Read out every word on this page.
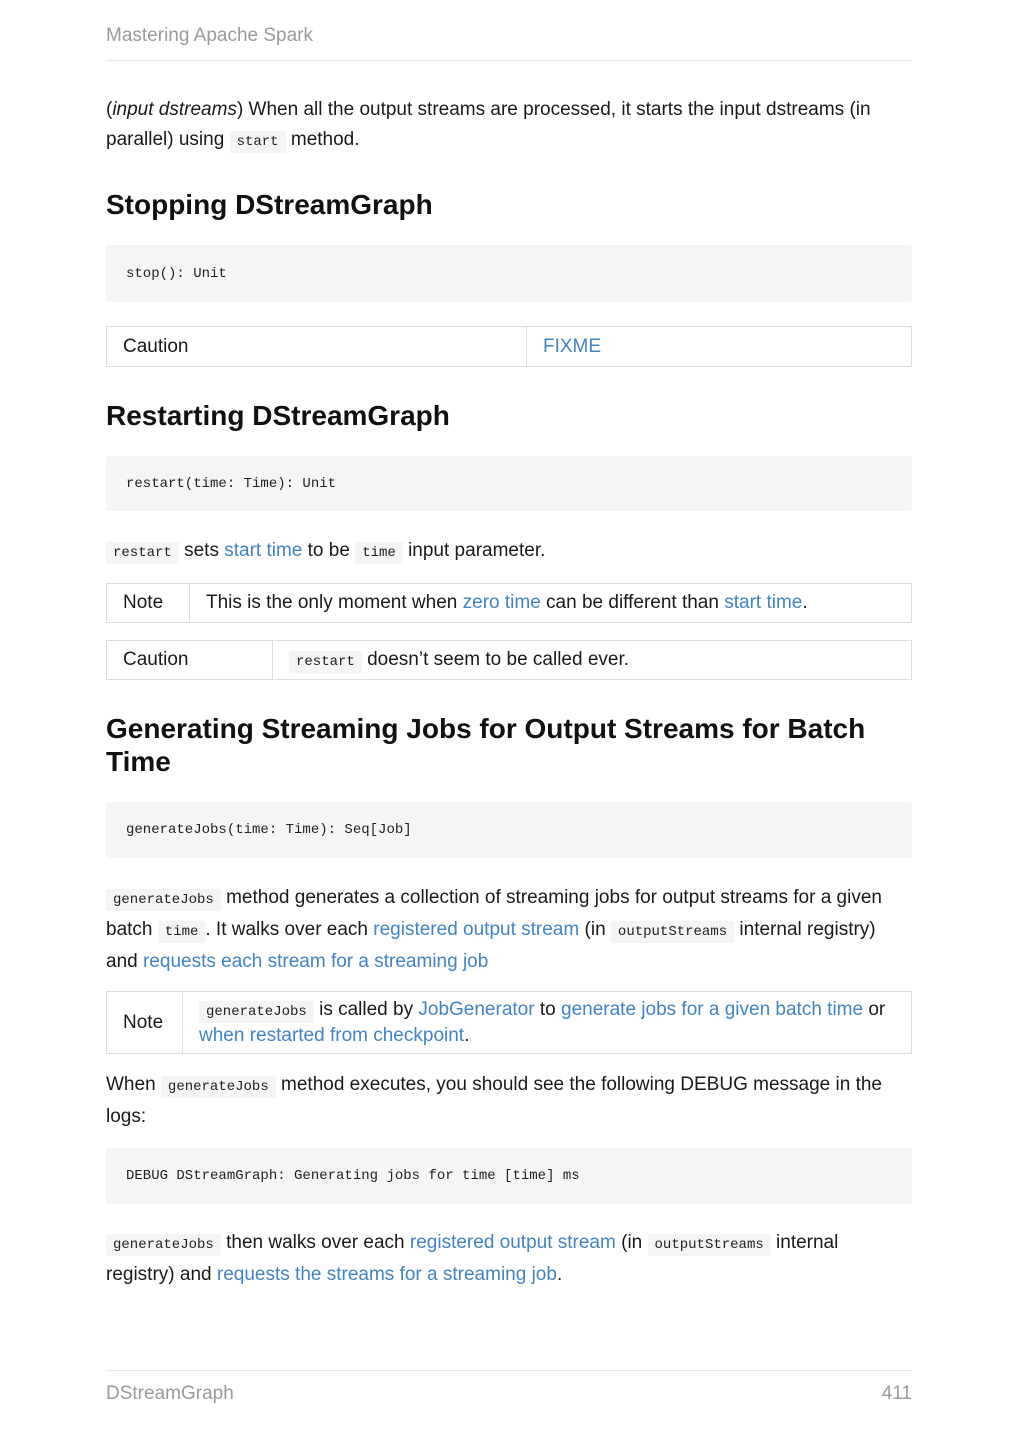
Mastering Apache Spark

(input dstreams) When all the output streams are processed, it starts the input dstreams (in parallel) using start method.

Stopping DStreamGraph
stop(): Unit
Caution	FIXME
Restarting DStreamGraph
restart(time: Time): Unit

restart sets start time to be time input parameter.

Note	This is the only moment when zero time can be different than start time.
Caution	restart doesn’t seem to be called ever.
Generating Streaming Jobs for Output Streams for Batch Time
generateJobs(time: Time): Seq[Job]

generateJobs method generates a collection of streaming jobs for output streams for a given batch time . It walks over each registered output stream (in outputStreams internal registry) and requests each stream for a streaming job

Note	generateJobs is called by JobGenerator to generate jobs for a given batch time or when restarted from checkpoint.

When generateJobs method executes, you should see the following DEBUG message in the logs:

DEBUG DStreamGraph: Generating jobs for time [time] ms

generateJobs then walks over each registered output stream (in outputStreams internal registry) and requests the streams for a streaming job.

DStreamGraph	411
